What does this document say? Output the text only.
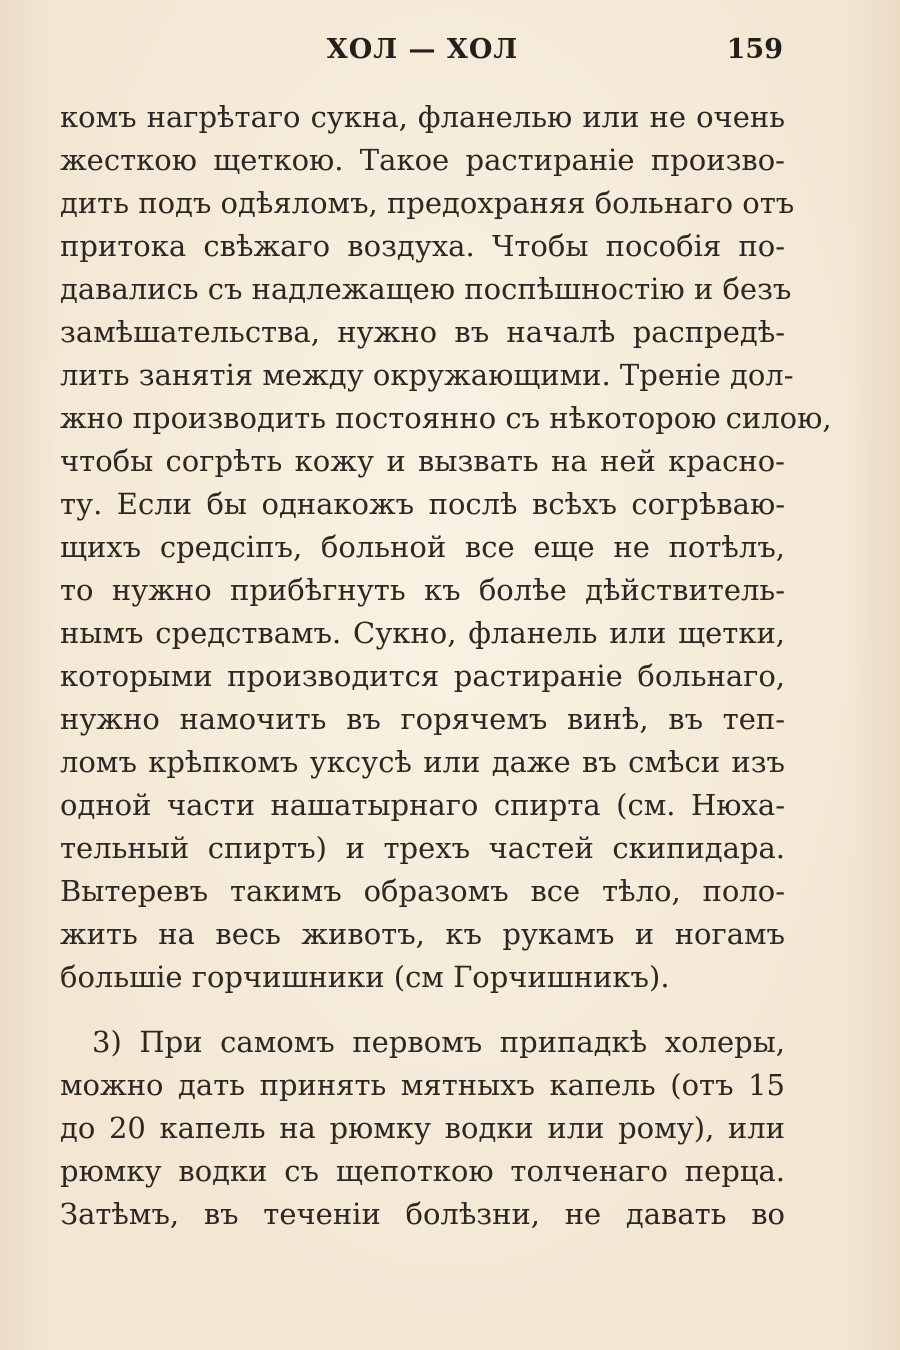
ХОЛ — ХОЛ	159
комъ нагрѣтаго сукна, фланелью или не очень
жесткою щеткою. Такое растираніе произво-
дить подъ одѣяломъ, предохраняя больнаго отъ
притока свѣжаго воздуха. Чтобы пособія по-
давались съ надлежащею поспѣшностію и безъ
замѣшательства, нужно въ началѣ распредѣ-
лить занятія между окружающими. Треніе дол-
жно производить постоянно съ нѣкоторою силою,
чтобы согрѣть кожу и вызвать на ней красно-
ту. Если бы однакожъ послѣ всѣхъ согрѣваю-
щихъ средсіпъ, больной все еще не потѣлъ,
то нужно прибѣгнуть къ болѣе дѣйствитель-
нымъ средствамъ. Сукно, фланель или щетки,
которыми производится растираніе больнаго,
нужно намочить въ горячемъ винѣ, въ теп-
ломъ крѣпкомъ уксусѣ или даже въ смѣси изъ
одной части нашатырнаго спирта (см. Нюха-
тельный спиртъ) и трехъ частей скипидара.
Вытеревъ такимъ образомъ все тѣло, поло-
жить на весь животъ, къ рукамъ и ногамъ
большіе горчишники (см Горчишникъ).
3) При самомъ первомъ припадкѣ холеры,
можно дать принять мятныхъ капель (отъ 15
до 20 капель на рюмку водки или рому), или
рюмку водки съ щепоткою толченаго перца.
Затѣмъ, въ теченіи болѣзни, не давать во
